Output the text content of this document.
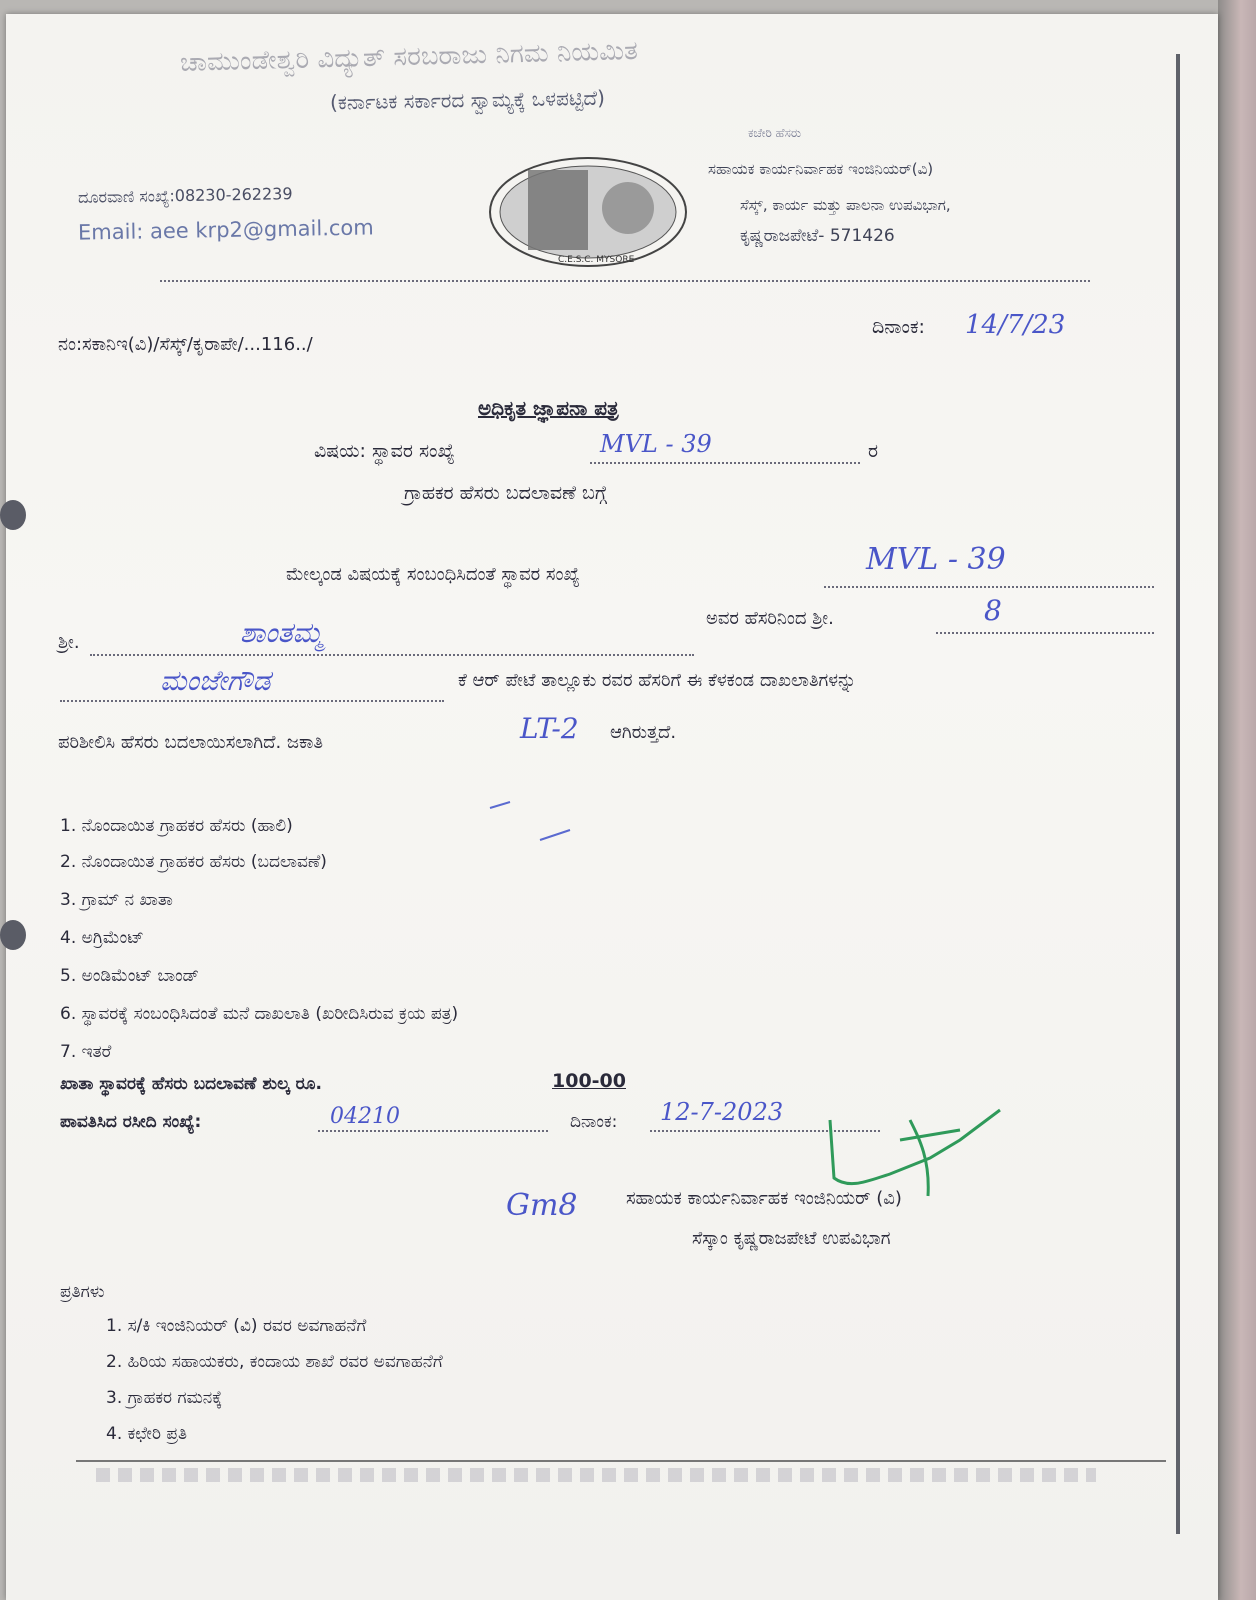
ಚಾಮುಂಡೇಶ್ವರಿ ವಿದ್ಯುತ್ ಸರಬರಾಜು ನಿಗಮ ನಿಯಮಿತ
(ಕರ್ನಾಟಕ ಸರ್ಕಾರದ ಸ್ವಾಮ್ಯಕ್ಕೆ ಒಳಪಟ್ಟಿದೆ)
ದೂರವಾಣಿ ಸಂಖ್ಯೆ:08230-262239
Email: aee krp2@gmail.com
C.E.S.C. MYSORE
ಕಚೇರಿ ಹೆಸರು
ಸಹಾಯಕ ಕಾರ್ಯನಿರ್ವಾಹಕ ಇಂಜಿನಿಯರ್(ವಿ)
ಸೆಸ್ಕ್, ಕಾರ್ಯ ಮತ್ತು ಪಾಲನಾ ಉಪವಿಭಾಗ,
ಕೃಷ್ಣರಾಜಪೇಟೆ- 571426
ನಂ:ಸಕಾನಿಇ(ವಿ)/ಸೆಸ್ಕ್/ಕೃರಾಪೇ/...116../
ದಿನಾಂಕ: 14/7/23
ಅಧಿಕೃತ ಜ್ಞಾಪನಾ ಪತ್ರ
ವಿಷಯ: ಸ್ಥಾವರ ಸಂಖ್ಯೆ	MVL - 39	ರ
ಗ್ರಾಹಕರ ಹೆಸರು ಬದಲಾವಣೆ ಬಗ್ಗೆ
ಮೇಲ್ಕಂಡ ವಿಷಯಕ್ಕೆ ಸಂಬಂಧಿಸಿದಂತೆ ಸ್ಥಾವರ ಸಂಖ್ಯೆ	MVL - 39
ಶ್ರೀ.	ಶಾಂತಮ್ಮ	ಅವರ ಹೆಸರಿನಿಂದ ಶ್ರೀ.	8
ಮಂಜೇಗೌಡ	ಕೆ ಆರ್ ಪೇಟೆ ತಾಲ್ಲೂಕು ರವರ ಹೆಸರಿಗೆ ಈ ಕೆಳಕಂಡ ದಾಖಲಾತಿಗಳನ್ನು
ಪರಿಶೀಲಿಸಿ ಹೆಸರು ಬದಲಾಯಿಸಲಾಗಿದೆ. ಜಕಾತಿ	LT-2 ಆಗಿರುತ್ತದೆ.
1. ನೊಂದಾಯಿತ ಗ್ರಾಹಕರ ಹೆಸರು (ಹಾಲಿ)
2. ನೊಂದಾಯಿತ ಗ್ರಾಹಕರ ಹೆಸರು (ಬದಲಾವಣೆ)
3. ಗ್ರಾಮ್ ನ ಖಾತಾ
4. ಅಗ್ರಿಮೆಂಟ್
5. ಅಂಡಿಮೆಂಟ್ ಬಾಂಡ್
6. ಸ್ಥಾವರಕ್ಕೆ ಸಂಬಂಧಿಸಿದಂತೆ ಮನೆ ದಾಖಲಾತಿ (ಖರೀದಿಸಿರುವ ಕ್ರಯ ಪತ್ರ)
7. ಇತರೆ
ಖಾತಾ ಸ್ಥಾವರಕ್ಕೆ ಹೆಸರು ಬದಲಾವಣೆ ಶುಲ್ಕ ರೂ.	100-00
ಪಾವತಿಸಿದ ರಸೀದಿ ಸಂಖ್ಯೆ:	04210	ದಿನಾಂಕ: 12-7-2023
Gm8	ಸಹಾಯಕ ಕಾರ್ಯನಿರ್ವಾಹಕ ಇಂಜಿನಿಯರ್ (ವಿ)
ಸೆಸ್ಕಾಂ ಕೃಷ್ಣರಾಜಪೇಟೆ ಉಪವಿಭಾಗ
ಪ್ರತಿಗಳು
1. ಸ/ಕಿ ಇಂಜಿನಿಯರ್ (ವಿ) ರವರ ಅವಗಾಹನೆಗೆ
2. ಹಿರಿಯ ಸಹಾಯಕರು, ಕಂದಾಯ ಶಾಖೆ ರವರ ಅವಗಾಹನೆಗೆ
3. ಗ್ರಾಹಕರ ಗಮನಕ್ಕೆ
4. ಕಛೇರಿ ಪ್ರತಿ
